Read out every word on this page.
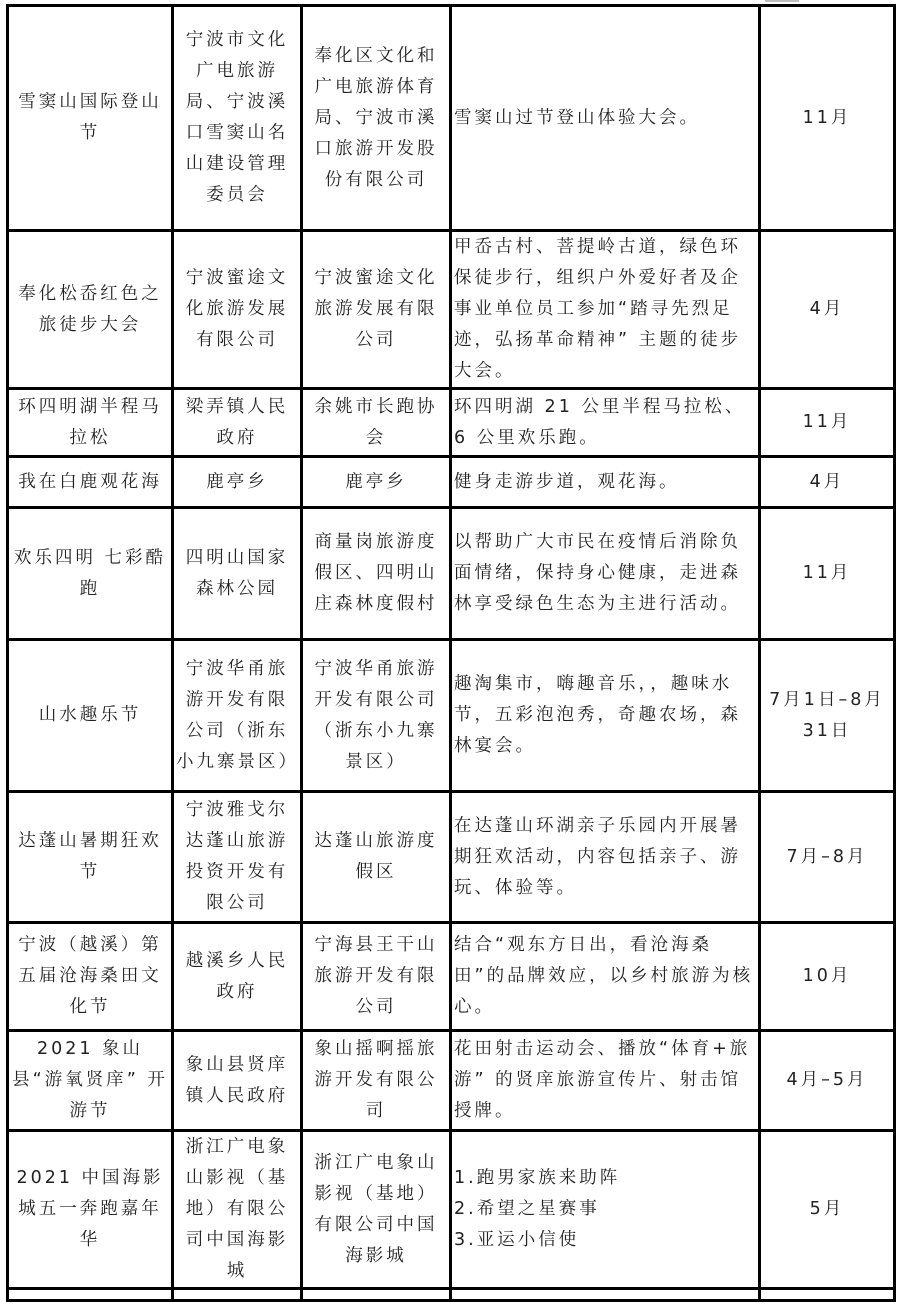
雪窦山国际登山节	宁波市文化广电旅游局、宁波溪口雪窦山名山建设管理委员会	奉化区文化和广电旅游体育局、宁波市溪口旅游开发股份有限公司	雪窦山过节登山体验大会。	11月
奉化松岙红色之旅徒步大会	宁波蜜途文化旅游发展有限公司	宁波蜜途文化旅游发展有限公司	甲岙古村、菩提岭古道，绿色环保徒步行，组织户外爱好者及企事业单位员工参加“踏寻先烈足迹，弘扬革命精神” 主题的徒步大会。	4月
环四明湖半程马拉松	梁弄镇人民政府	余姚市长跑协会	环四明湖 21 公里半程马拉松、6 公里欢乐跑。	11月
我在白鹿观花海	鹿亭乡	鹿亭乡	健身走游步道，观花海。	4月
欢乐四明 七彩酷跑	四明山国家森林公园	商量岗旅游度假区、四明山庄森林度假村	以帮助广大市民在疫情后消除负面情绪，保持身心健康，走进森林享受绿色生态为主进行活动。	11月
山水趣乐节	宁波华甬旅游开发有限公司（浙东小九寨景区）	宁波华甬旅游开发有限公司（浙东小九寨景区）	趣淘集市，嗨趣音乐，，趣味水节，五彩泡泡秀，奇趣农场，森林宴会。	7月1日–8月31日
达蓬山暑期狂欢节	宁波雅戈尔达蓬山旅游投资开发有限公司	达蓬山旅游度假区	在达蓬山环湖亲子乐园内开展暑期狂欢活动，内容包括亲子、游玩、体验等。	7月–8月
宁波（越溪）第五届沧海桑田文化节	越溪乡人民政府	宁海县王干山旅游开发有限公司	结合“观东方日出，看沧海桑田”的品牌效应，以乡村旅游为核心。	10月
2021 象山县“游氧贤庠” 开游节	象山县贤庠镇人民政府	象山摇啊摇旅游开发有限公司	花田射击运动会、播放“体育+旅游” 的贤庠旅游宣传片、射击馆授牌。	4月–5月
2021 中国海影城五一奔跑嘉年华	浙江广电象山影视（基地）有限公司中国海影城	浙江广电象山影视（基地）有限公司中国海影城	1.跑男家族来助阵
2.希望之星赛事
3.亚运小信使	5月
